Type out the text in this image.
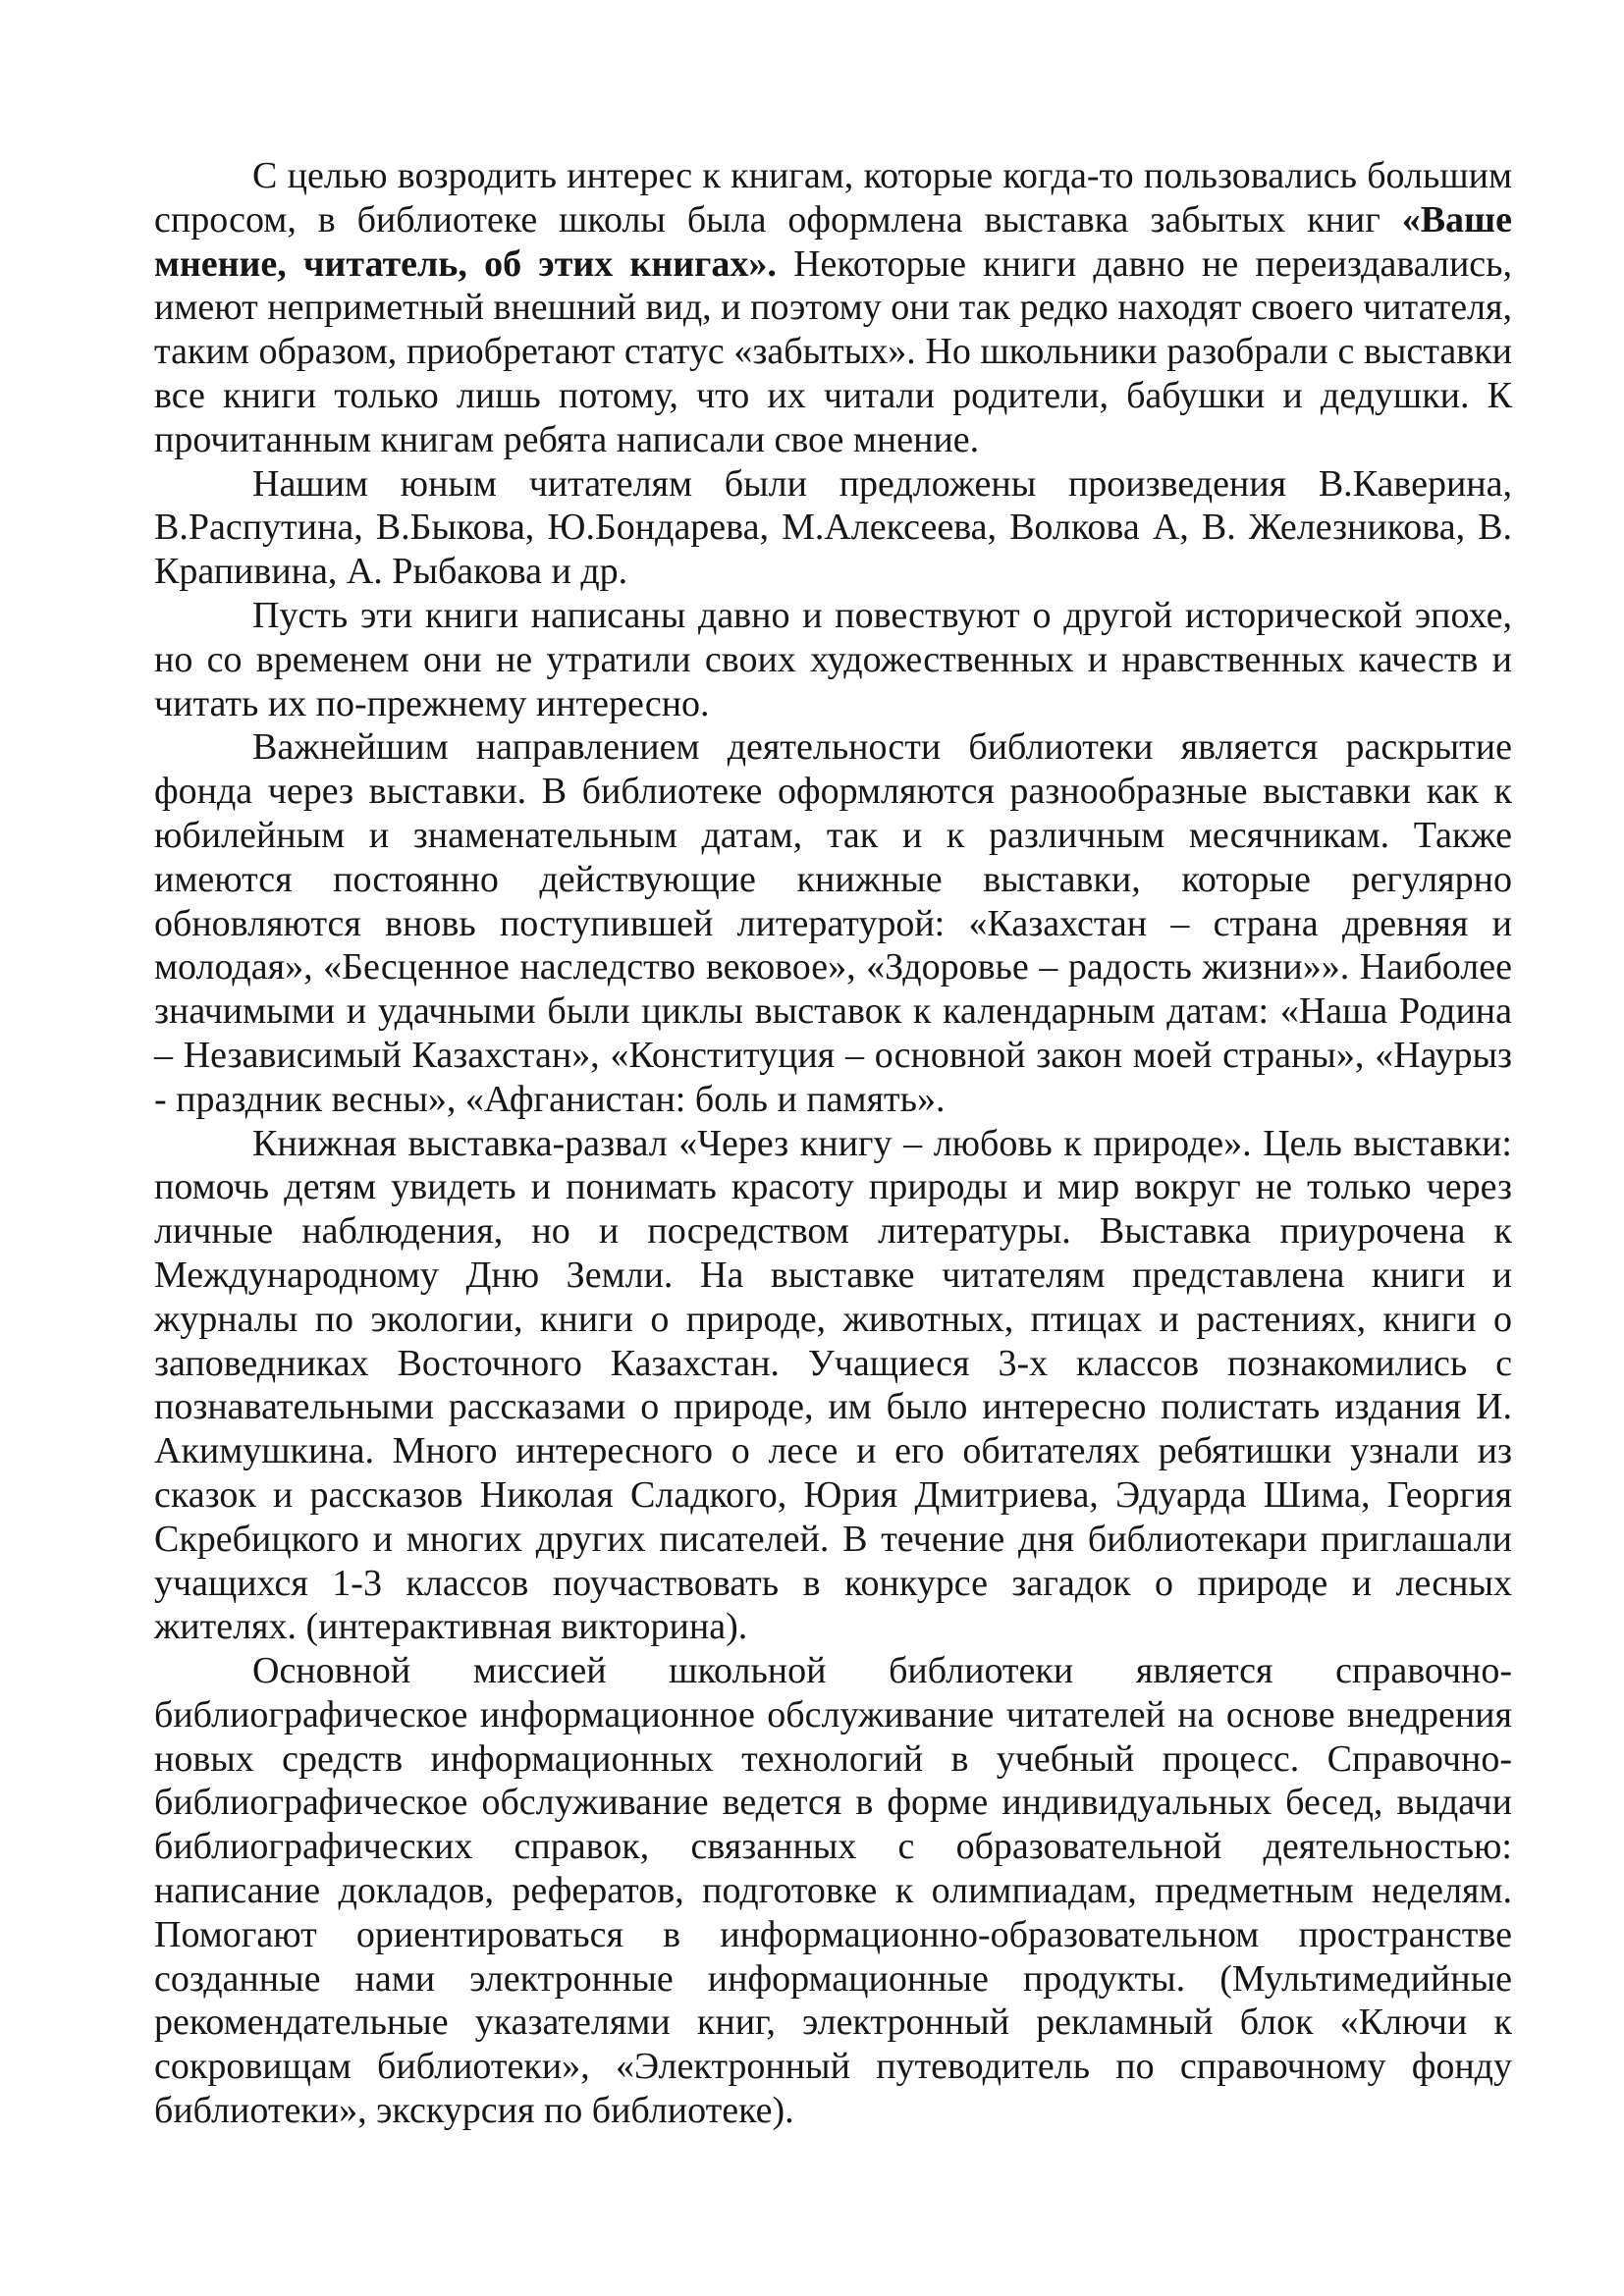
С целью возродить интерес к книгам, которые когда-то пользовались большим спросом, в библиотеке школы была оформлена выставка забытых книг «Ваше мнение, читатель, об этих книгах». Некоторые книги давно не переиздавались, имеют неприметный внешний вид, и поэтому они так редко находят своего читателя, таким образом, приобретают статус «забытых». Но школьники разобрали с выставки все книги только лишь потому, что их читали родители, бабушки и дедушки. К прочитанным книгам ребята написали свое мнение.

Нашим юным читателям были предложены произведения В.Каверина, В.Распутина, В.Быкова, Ю.Бондарева, М.Алексеева, Волкова А, В. Железникова, В. Крапивина, А. Рыбакова и др.

Пусть эти книги написаны давно и повествуют о другой исторической эпохе, но со временем они не утратили своих художественных и нравственных качеств и читать их по-прежнему интересно.

Важнейшим направлением деятельности библиотеки является раскрытие фонда через выставки. В библиотеке оформляются разнообразные выставки как к юбилейным и знаменательным датам, так и к различным месячникам. Также имеются постоянно действующие книжные выставки, которые регулярно обновляются вновь поступившей литературой: «Казахстан – страна древняя и молодая», «Бесценное наследство вековое», «Здоровье – радость жизни»». Наиболее значимыми и удачными были циклы выставок к календарным датам: «Наша Родина – Независимый Казахстан», «Конституция – основной закон моей страны», «Наурыз - праздник весны», «Афганистан: боль и память».

Книжная выставка-развал «Через книгу – любовь к природе». Цель выставки: помочь детям увидеть и понимать красоту природы и мир вокруг не только через личные наблюдения, но и посредством литературы. Выставка приурочена к Международному Дню Земли. На выставке читателям представлена книги и журналы по экологии, книги о природе, животных, птицах и растениях, книги о заповедниках Восточного Казахстан. Учащиеся 3-х классов познакомились с познавательными рассказами о природе, им было интересно полистать издания И. Акимушкина. Много интересного о лесе и его обитателях ребятишки узнали из сказок и рассказов Николая Сладкого, Юрия Дмитриева, Эдуарда Шима, Георгия Скребицкого и многих других писателей. В течение дня библиотекари приглашали учащихся 1-3 классов поучаствовать в конкурсе загадок о природе и лесных жителях. (интерактивная викторина).

Основной миссией школьной библиотеки является справочно-библиографическое информационное обслуживание читателей на основе внедрения новых средств информационных технологий в учебный процесс. Справочно-библиографическое обслуживание ведется в форме индивидуальных бесед, выдачи библиографических справок, связанных с образовательной деятельностью: написание докладов, рефератов, подготовке к олимпиадам, предметным неделям. Помогают ориентироваться в информационно-образовательном пространстве созданные нами электронные информационные продукты. (Мультимедийные рекомендательные указателями книг, электронный рекламный блок «Ключи к сокровищам библиотеки», «Электронный путеводитель по справочному фонду библиотеки», экскурсия по библиотеке).
